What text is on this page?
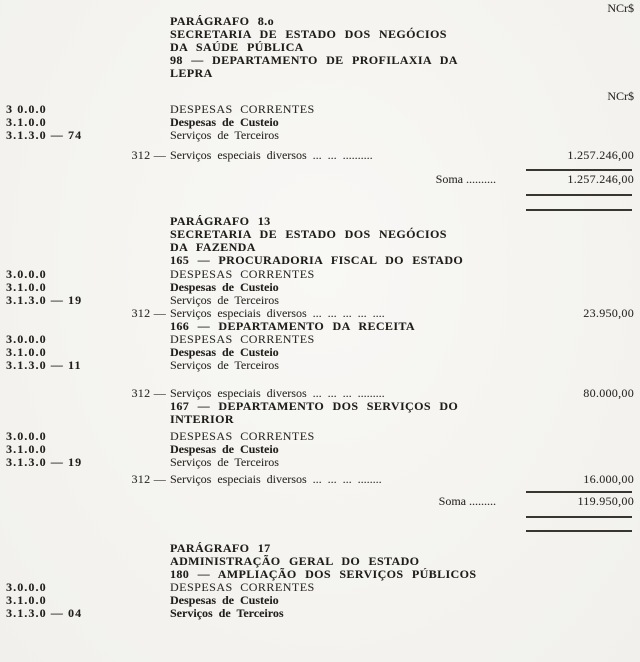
NCr$
PARÁGRAFO 8.o
SECRETARIA DE ESTADO DOS NEGÓCIOS
DA SAÚDE PÚBLICA
98 — DEPARTAMENTO DE PROFILAXIA DA
LEPRA
NCr$
3 0.0.0	DESPESAS CORRENTES
3.1.0.0	Despesas de Custeio
3.1.3.0 — 74	Serviços de Terceiros
312 — Serviços especiais diversos ... ... ..........	1.257.246,00
Soma ..........	1.257.246,00
PARÁGRAFO 13
SECRETARIA DE ESTADO DOS NEGÓCIOS
DA FAZENDA
165 — PROCURADORIA FISCAL DO ESTADO
3.0.0.0	DESPESAS CORRENTES
3.1.0.0	Despesas de Custeio
3.1.3.0 — 19	Serviços de Terceiros
312 — Serviços especiais diversos ... ... ... ... ....	23.950,00
166 — DEPARTAMENTO DA RECEITA
3.0.0.0	DESPESAS CORRENTES
3.1.0.0	Despesas de Custeio
3.1.3.0 — 11	Serviços de Terceiros
312 — Serviços especiais diversos ... ... ... .........	80.000,00
167 — DEPARTAMENTO DOS SERVIÇOS DO
INTERIOR
3.0.0.0	DESPESAS CORRENTES
3.1.0.0	Despesas de Custeio
3.1.3.0 — 19	Serviços de Terceiros
312 — Serviços especiais diversos ... ... ... ........	16.000,00
Soma .........	119.950,00
PARÁGRAFO 17
ADMINISTRAÇÃO GERAL DO ESTADO
180 — AMPLIAÇÃO DOS SERVIÇOS PÚBLICOS
3.0.0.0	DESPESAS CORRENTES
3.1.0.0	Despesas de Custeio
3.1.3.0 — 04	Serviços de Terceiros
